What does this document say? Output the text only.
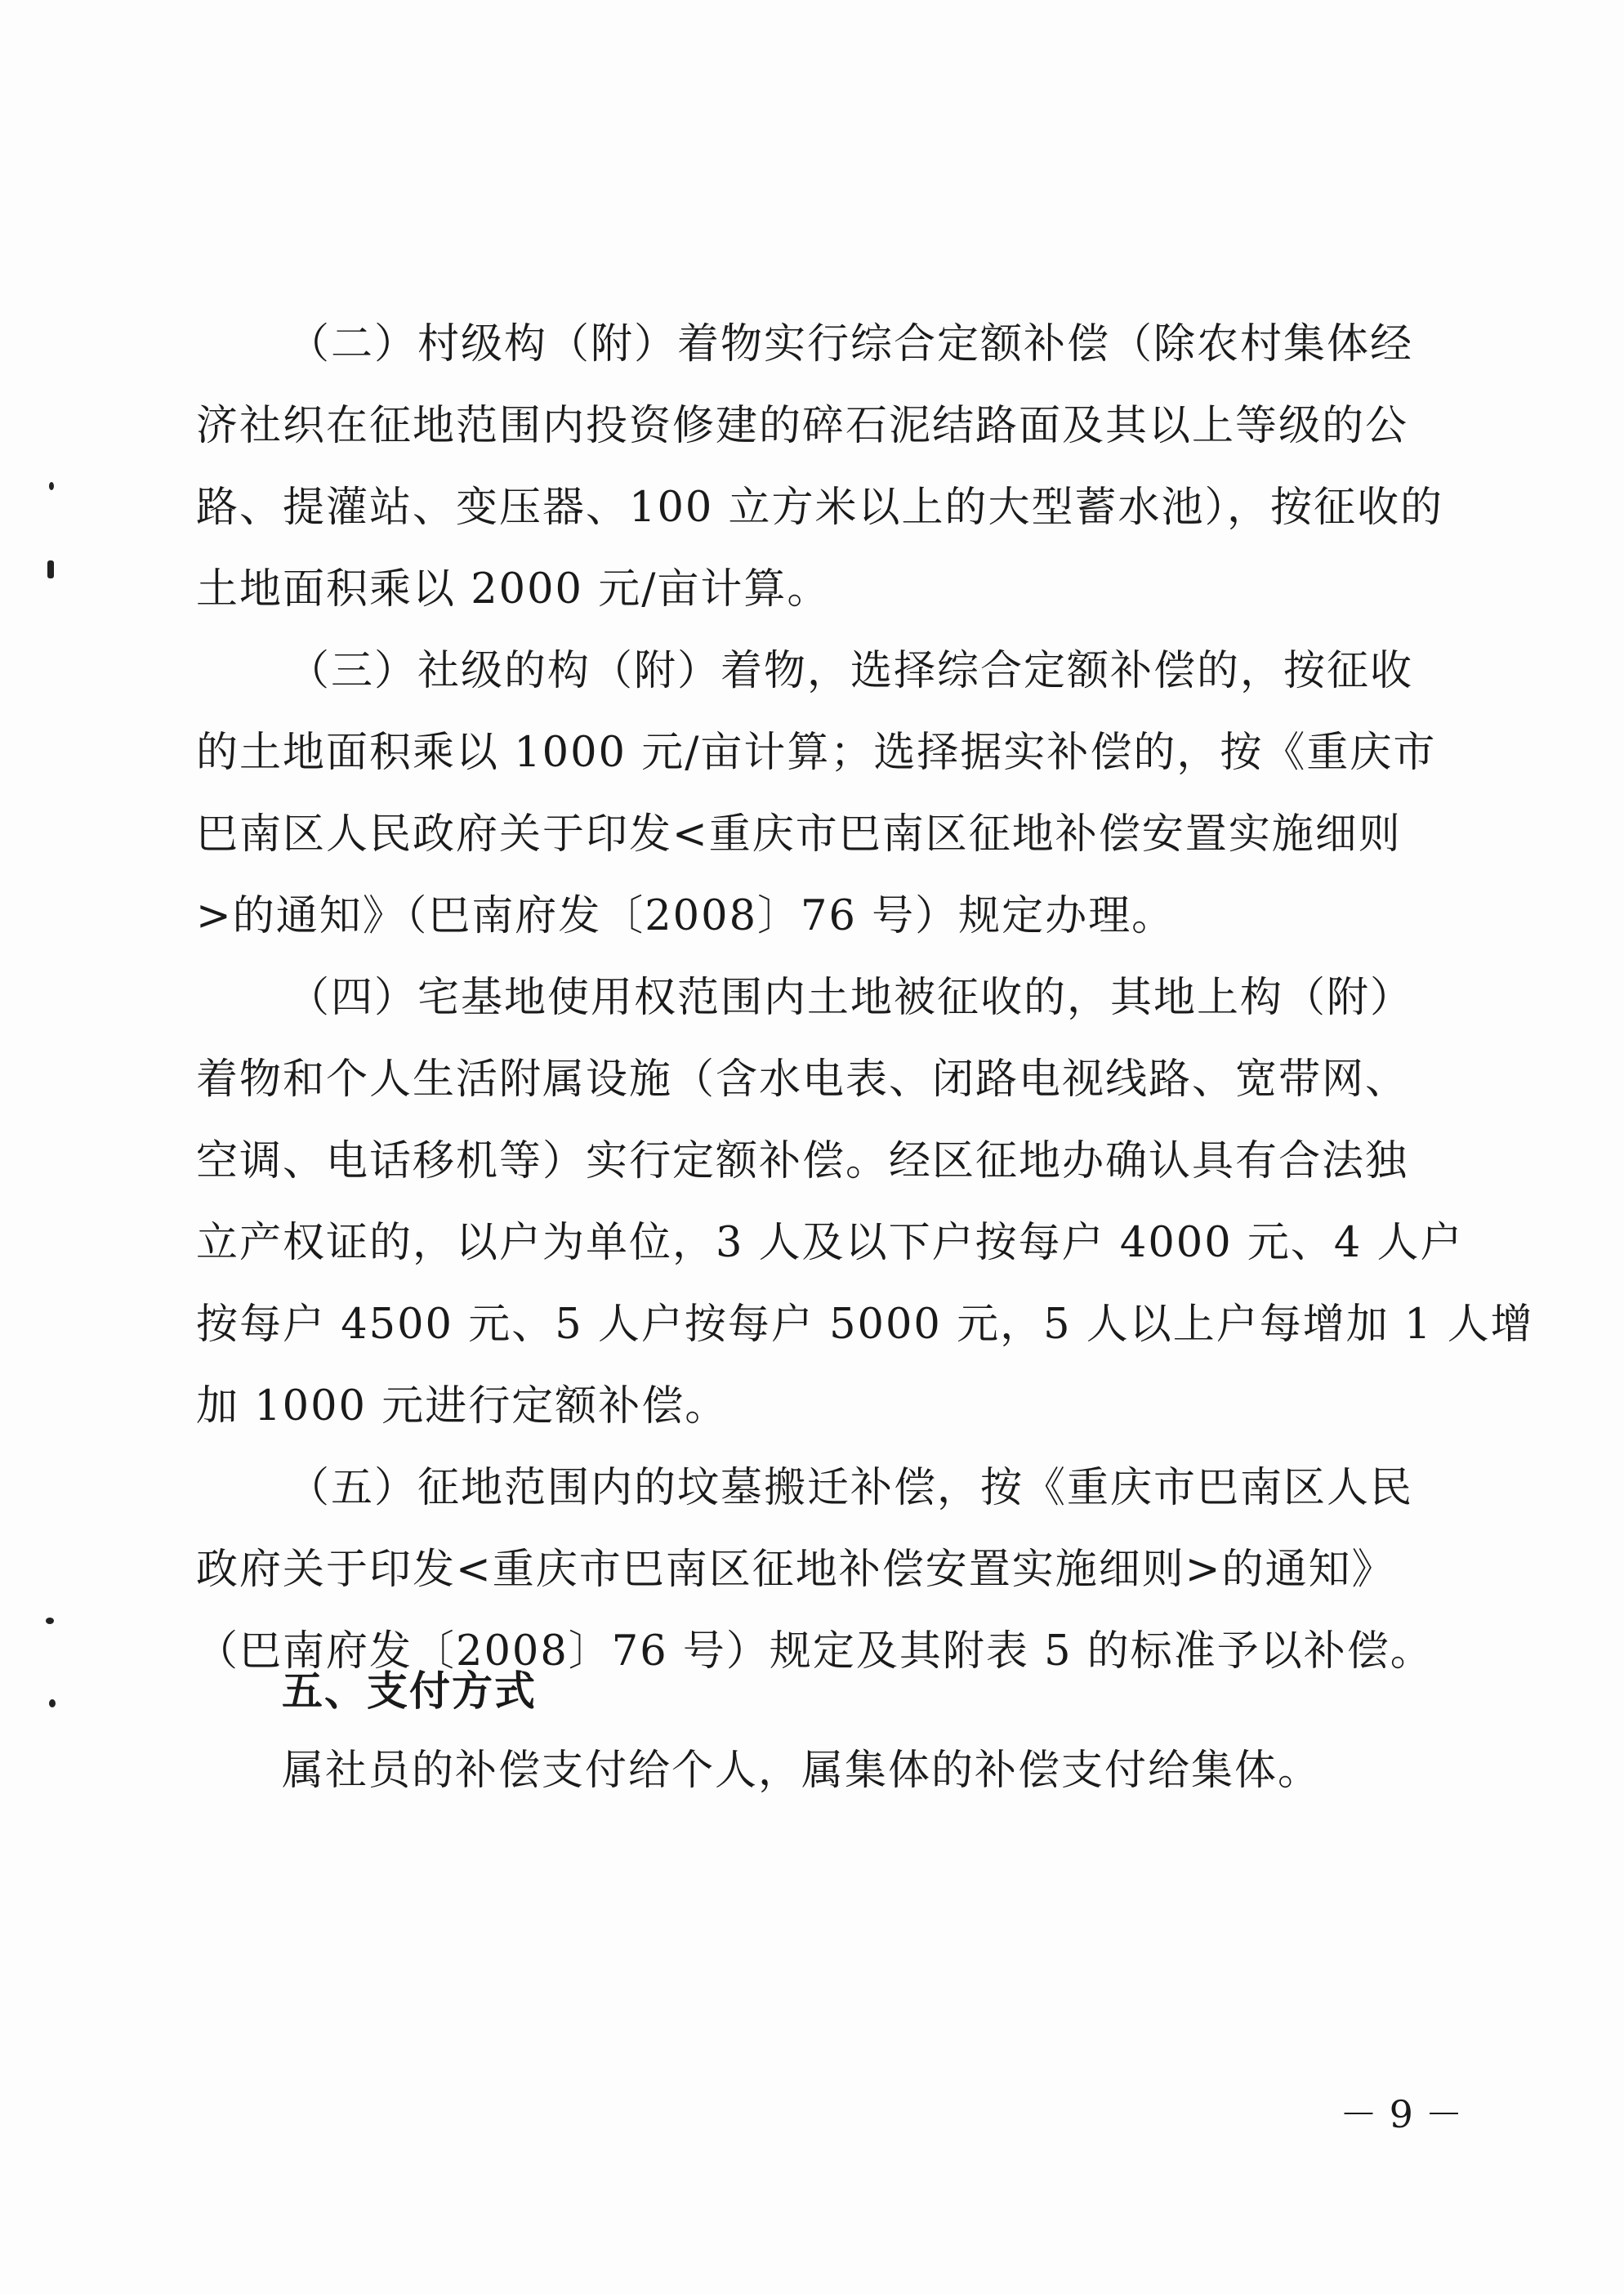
（二）村级构（附）着物实行综合定额补偿（除农村集体经
济社织在征地范围内投资修建的碎石泥结路面及其以上等级的公
路、提灌站、变压器、100 立方米以上的大型蓄水池），按征收的
土地面积乘以 2000 元/亩计算。
（三）社级的构（附）着物，选择综合定额补偿的，按征收
的土地面积乘以 1000 元/亩计算；选择据实补偿的，按《重庆市
巴南区人民政府关于印发<重庆市巴南区征地补偿安置实施细则
>的通知》（巴南府发〔2008〕76 号）规定办理。
（四）宅基地使用权范围内土地被征收的，其地上构（附）
着物和个人生活附属设施（含水电表、闭路电视线路、宽带网、
空调、电话移机等）实行定额补偿。经区征地办确认具有合法独
立产权证的，以户为单位，3 人及以下户按每户 4000 元、4 人户
按每户 4500 元、5 人户按每户 5000 元，5 人以上户每增加 1 人增
加 1000 元进行定额补偿。
（五）征地范围内的坟墓搬迁补偿，按《重庆市巴南区人民
政府关于印发<重庆市巴南区征地补偿安置实施细则>的通知》
（巴南府发〔2008〕76 号）规定及其附表 5 的标准予以补偿。
五、支付方式
属社员的补偿支付给个人，属集体的补偿支付给集体。
－ 9 －
